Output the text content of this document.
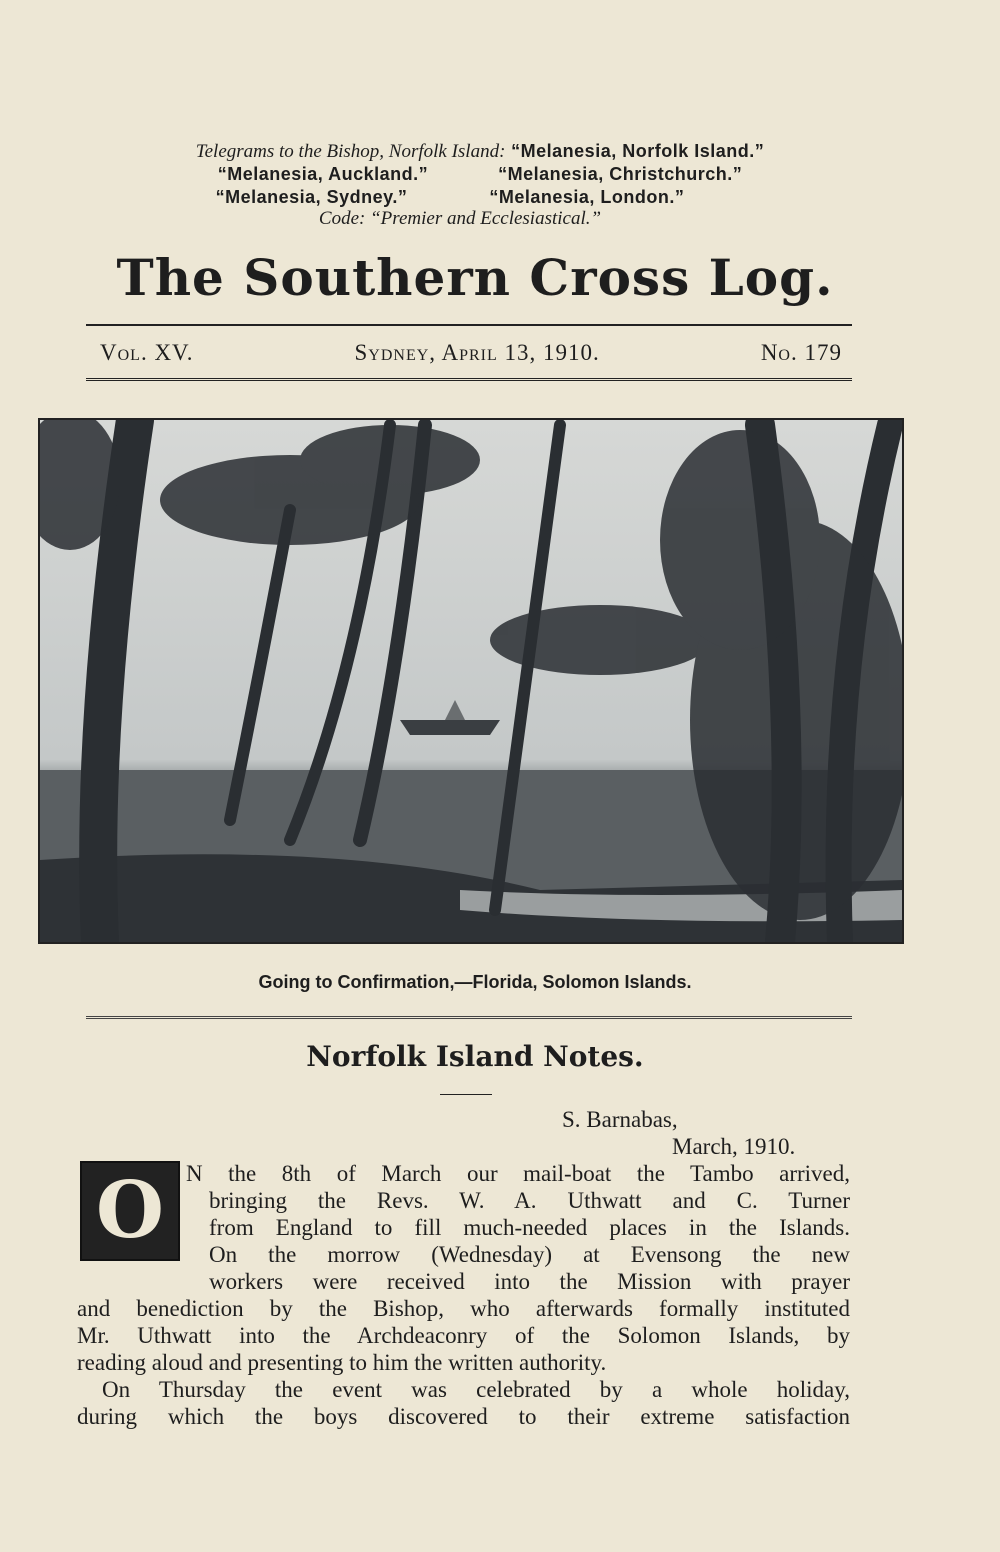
Telegrams to the Bishop, Norfolk Island: “Melanesia, Norfolk Island.”
“Melanesia, Auckland.”	“Melanesia, Christchurch.”
“Melanesia, Sydney.”	“Melanesia, London.”
Code: “Premier and Ecclesiastical.”
The Southern Cross Log.
Vol. XV.	Sydney, April 13, 1910.	No. 179
Going to Confirmation,—Florida, Solomon Islands.
Norfolk Island Notes.
S. Barnabas,
March, 1910.
O N the 8th of March our mail-boat the Tambo arrived,
bringing the Revs. W. A. Uthwatt and C. Turner
from England to fill much-needed places in the Islands.
On the morrow (Wednesday) at Evensong the new
workers were received into the Mission with prayer
and benediction by the Bishop, who afterwards formally instituted
Mr. Uthwatt into the Archdeaconry of the Solomon Islands, by
reading aloud and presenting to him the written authority.
On Thursday the event was celebrated by a whole holiday,
during which the boys discovered to their extreme satisfaction
